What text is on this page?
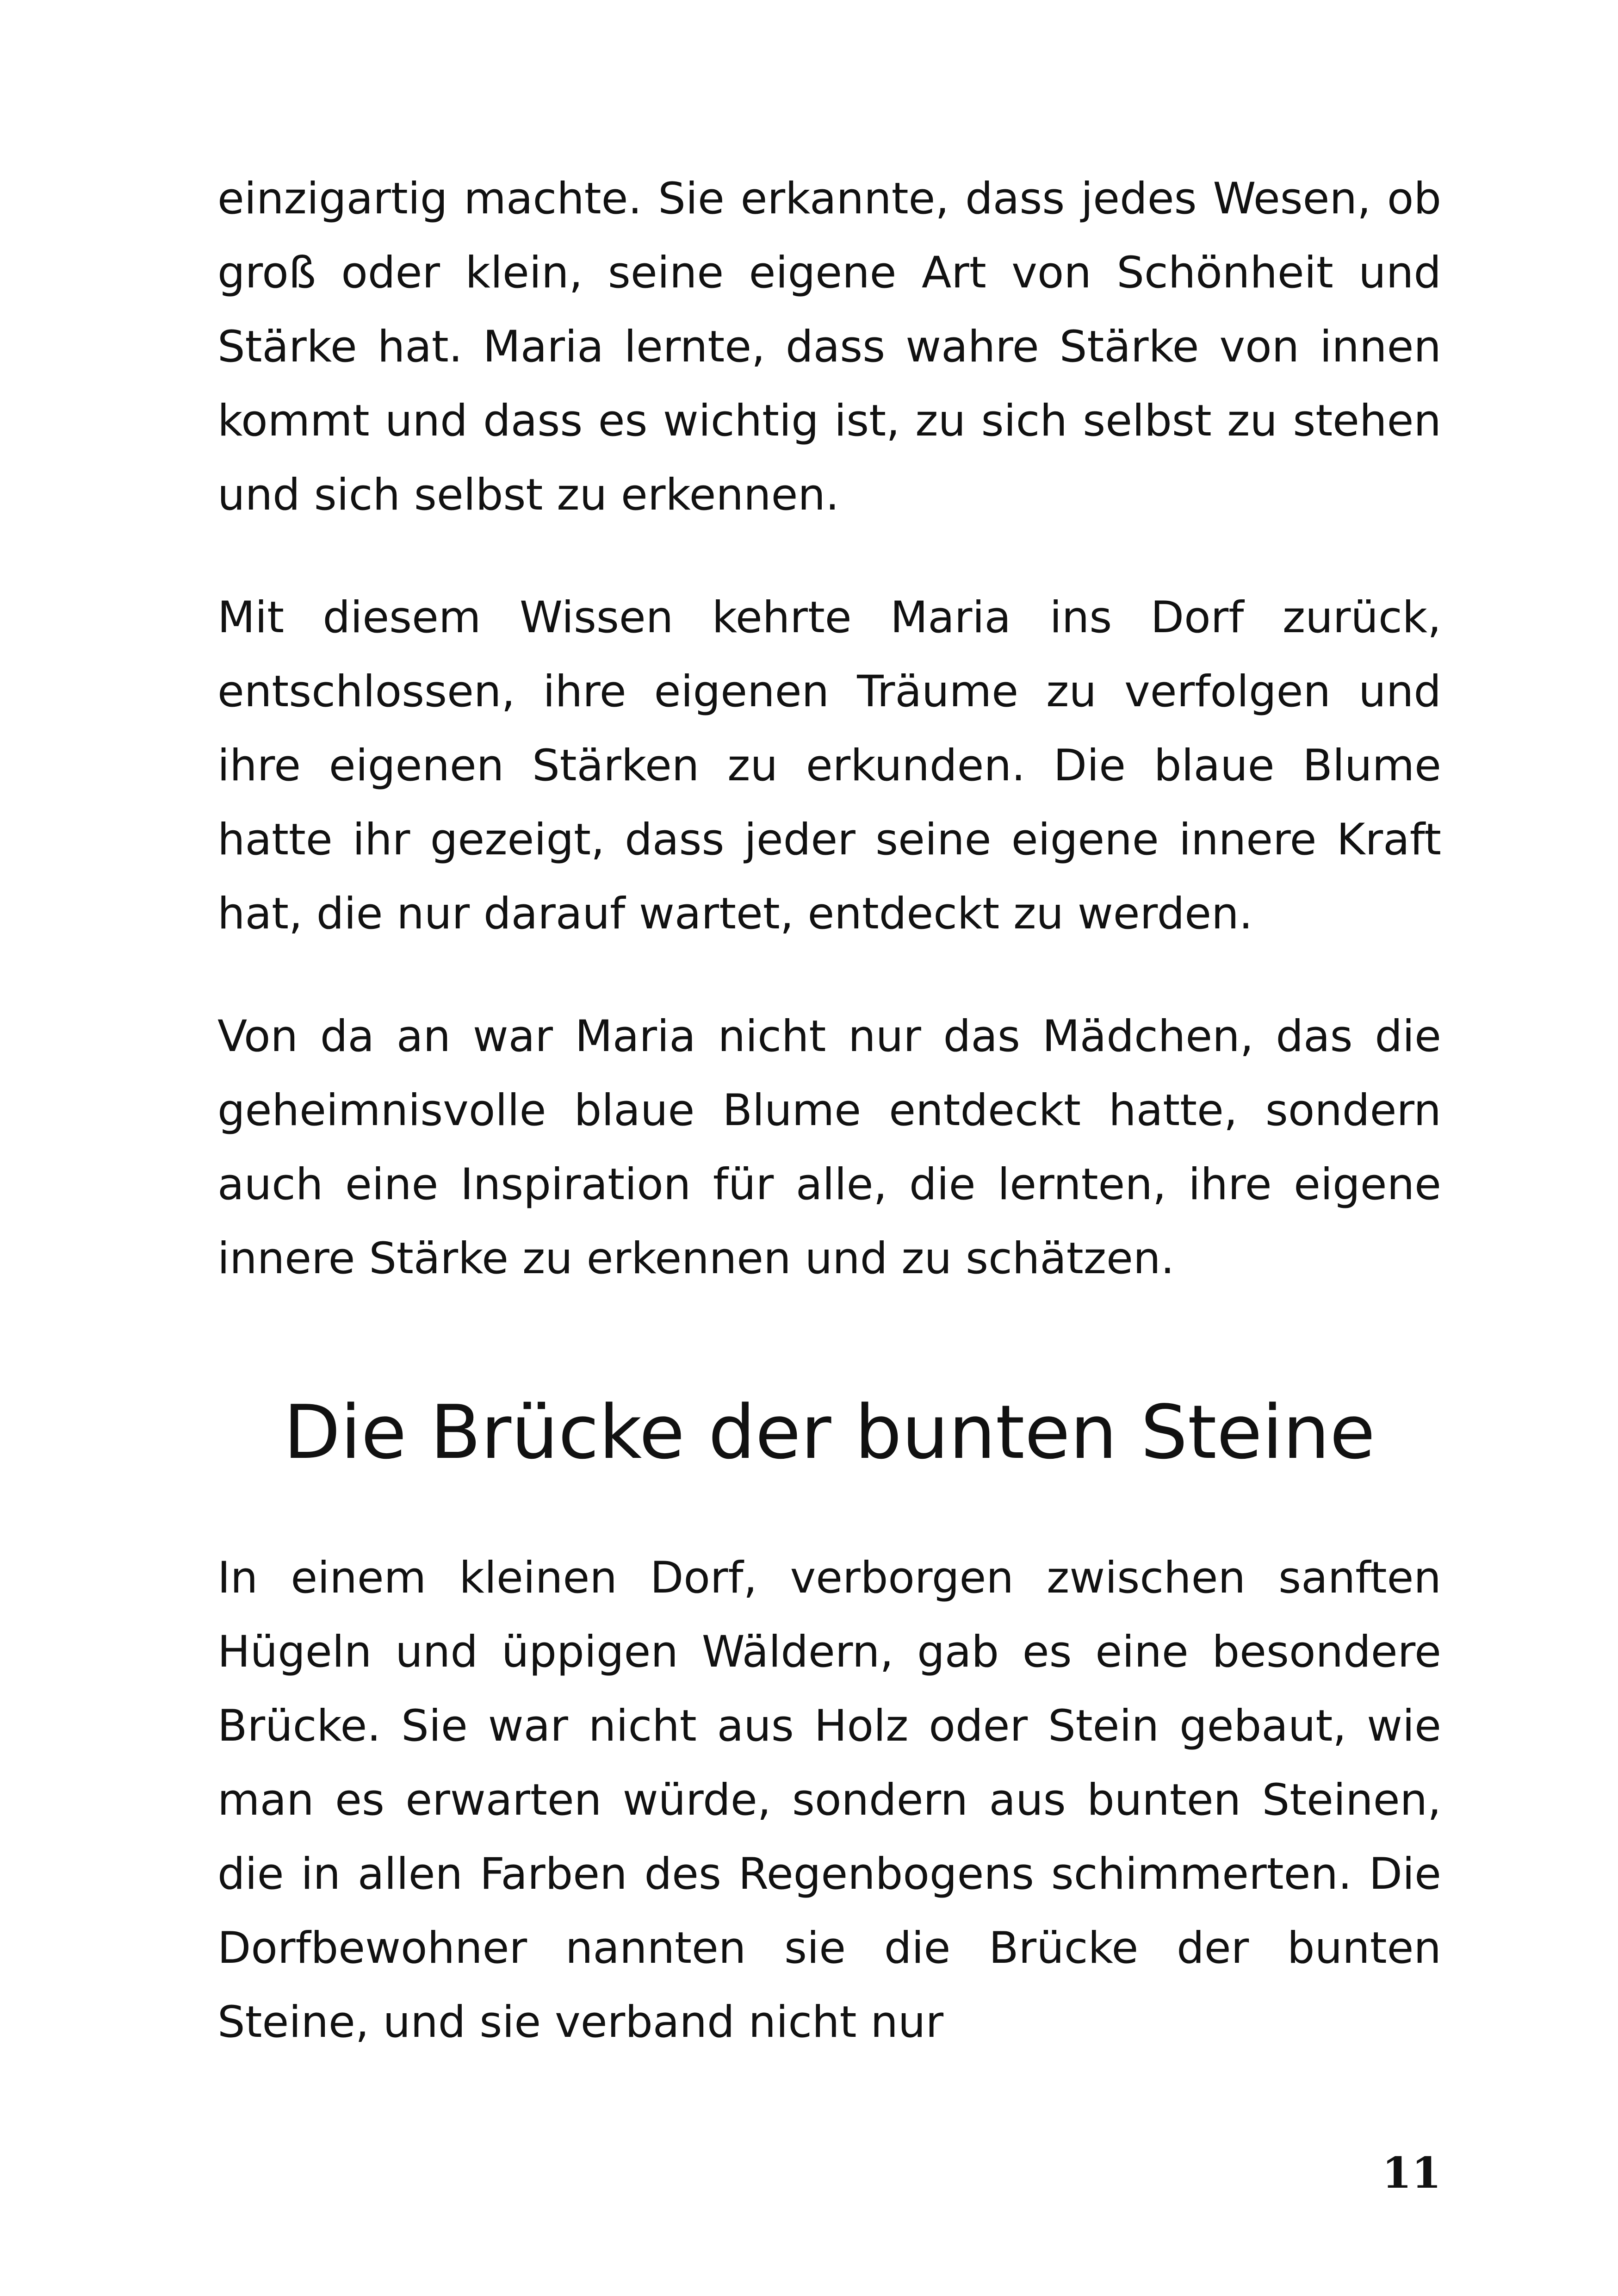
einzigartig machte. Sie erkannte, dass jedes Wesen, ob groß oder klein, seine eigene Art von Schönheit und Stärke hat. Maria lernte, dass wahre Stärke von innen kommt und dass es wichtig ist, zu sich selbst zu stehen und sich selbst zu erkennen.

Mit diesem Wissen kehrte Maria ins Dorf zurück, entschlossen, ihre eigenen Träume zu verfolgen und ihre eigenen Stärken zu erkunden. Die blaue Blume hatte ihr gezeigt, dass jeder seine eigene innere Kraft hat, die nur darauf wartet, entdeckt zu werden.

Von da an war Maria nicht nur das Mädchen, das die geheimnisvolle blaue Blume entdeckt hatte, sondern auch eine Inspiration für alle, die lernten, ihre eigene innere Stärke zu erkennen und zu schätzen.

Die Brücke der bunten Steine

In einem kleinen Dorf, verborgen zwischen sanften Hügeln und üppigen Wäldern, gab es eine besondere Brücke. Sie war nicht aus Holz oder Stein gebaut, wie man es erwarten würde, sondern aus bunten Steinen, die in allen Farben des Regenbogens schimmerten. Die Dorfbewohner nannten sie die Brücke der bunten Steine, und sie verband nicht nur

11
